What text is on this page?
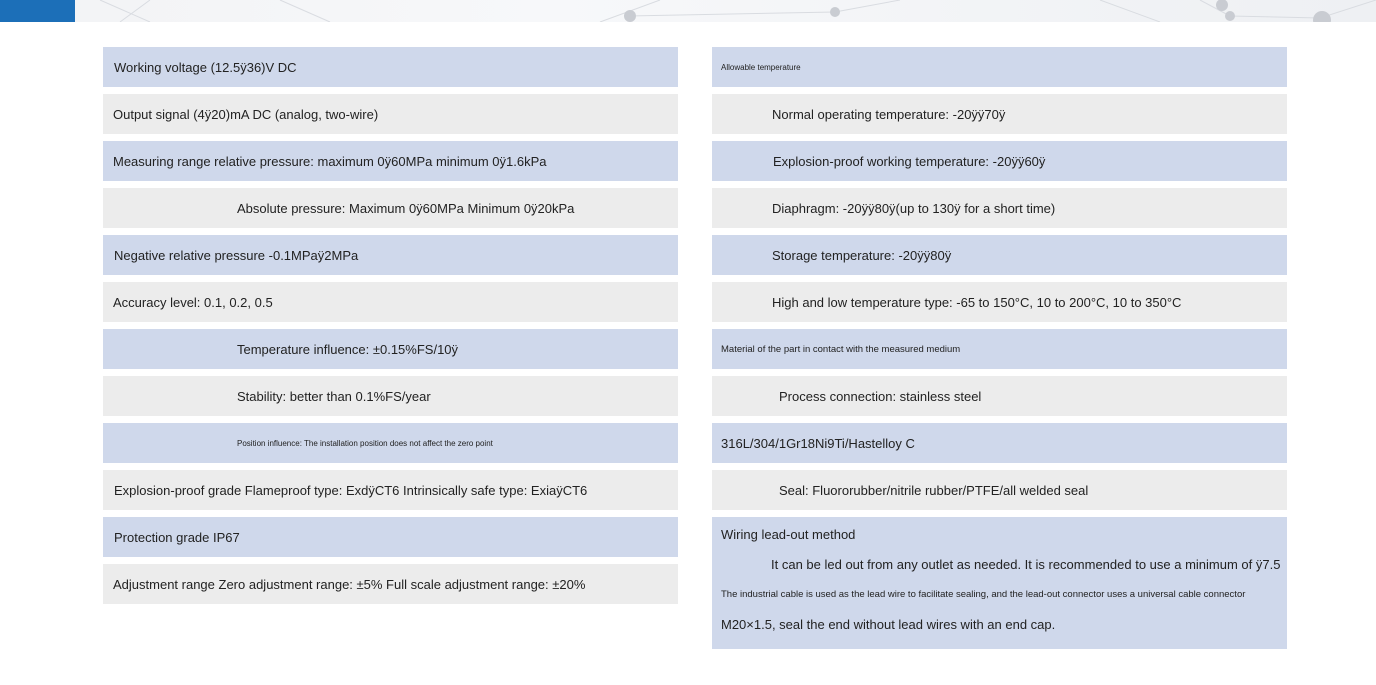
Working voltage (12.5ÿ36)V DC
Output signal (4ÿ20)mA DC (analog, two-wire)
Measuring range relative pressure: maximum 0ÿ60MPa minimum 0ÿ1.6kPa
Absolute pressure: Maximum 0ÿ60MPa Minimum 0ÿ20kPa
Negative relative pressure -0.1MPaÿ2MPa
Accuracy level: 0.1, 0.2, 0.5
Temperature influence: ±0.15%FS/10ÿ
Stability: better than 0.1%FS/year
Position influence: The installation position does not affect the zero point
Explosion-proof grade Flameproof type: ExdÿCT6 Intrinsically safe type: ExiaÿCT6
Protection grade IP67
Adjustment range Zero adjustment range: ±5% Full scale adjustment range: ±20%
Allowable temperature
Normal operating temperature: -20ÿÿ70ÿ
Explosion-proof working temperature: -20ÿÿ60ÿ
Diaphragm: -20ÿÿ80ÿ(up to 130ÿ for a short time)
Storage temperature: -20ÿÿ80ÿ
High and low temperature type: -65 to 150°C, 10 to 200°C, 10 to 350°C
Material of the part in contact with the measured medium
Process connection: stainless steel
316L/304/1Gr18Ni9Ti/Hastelloy C
Seal: Fluororubber/nitrile rubber/PTFE/all welded seal
Wiring lead-out method
It can be led out from any outlet as needed. It is recommended to use a minimum of ÿ7.5
The industrial cable is used as the lead wire to facilitate sealing, and the lead-out connector uses a universal cable connector
M20×1.5, seal the end without lead wires with an end cap.
